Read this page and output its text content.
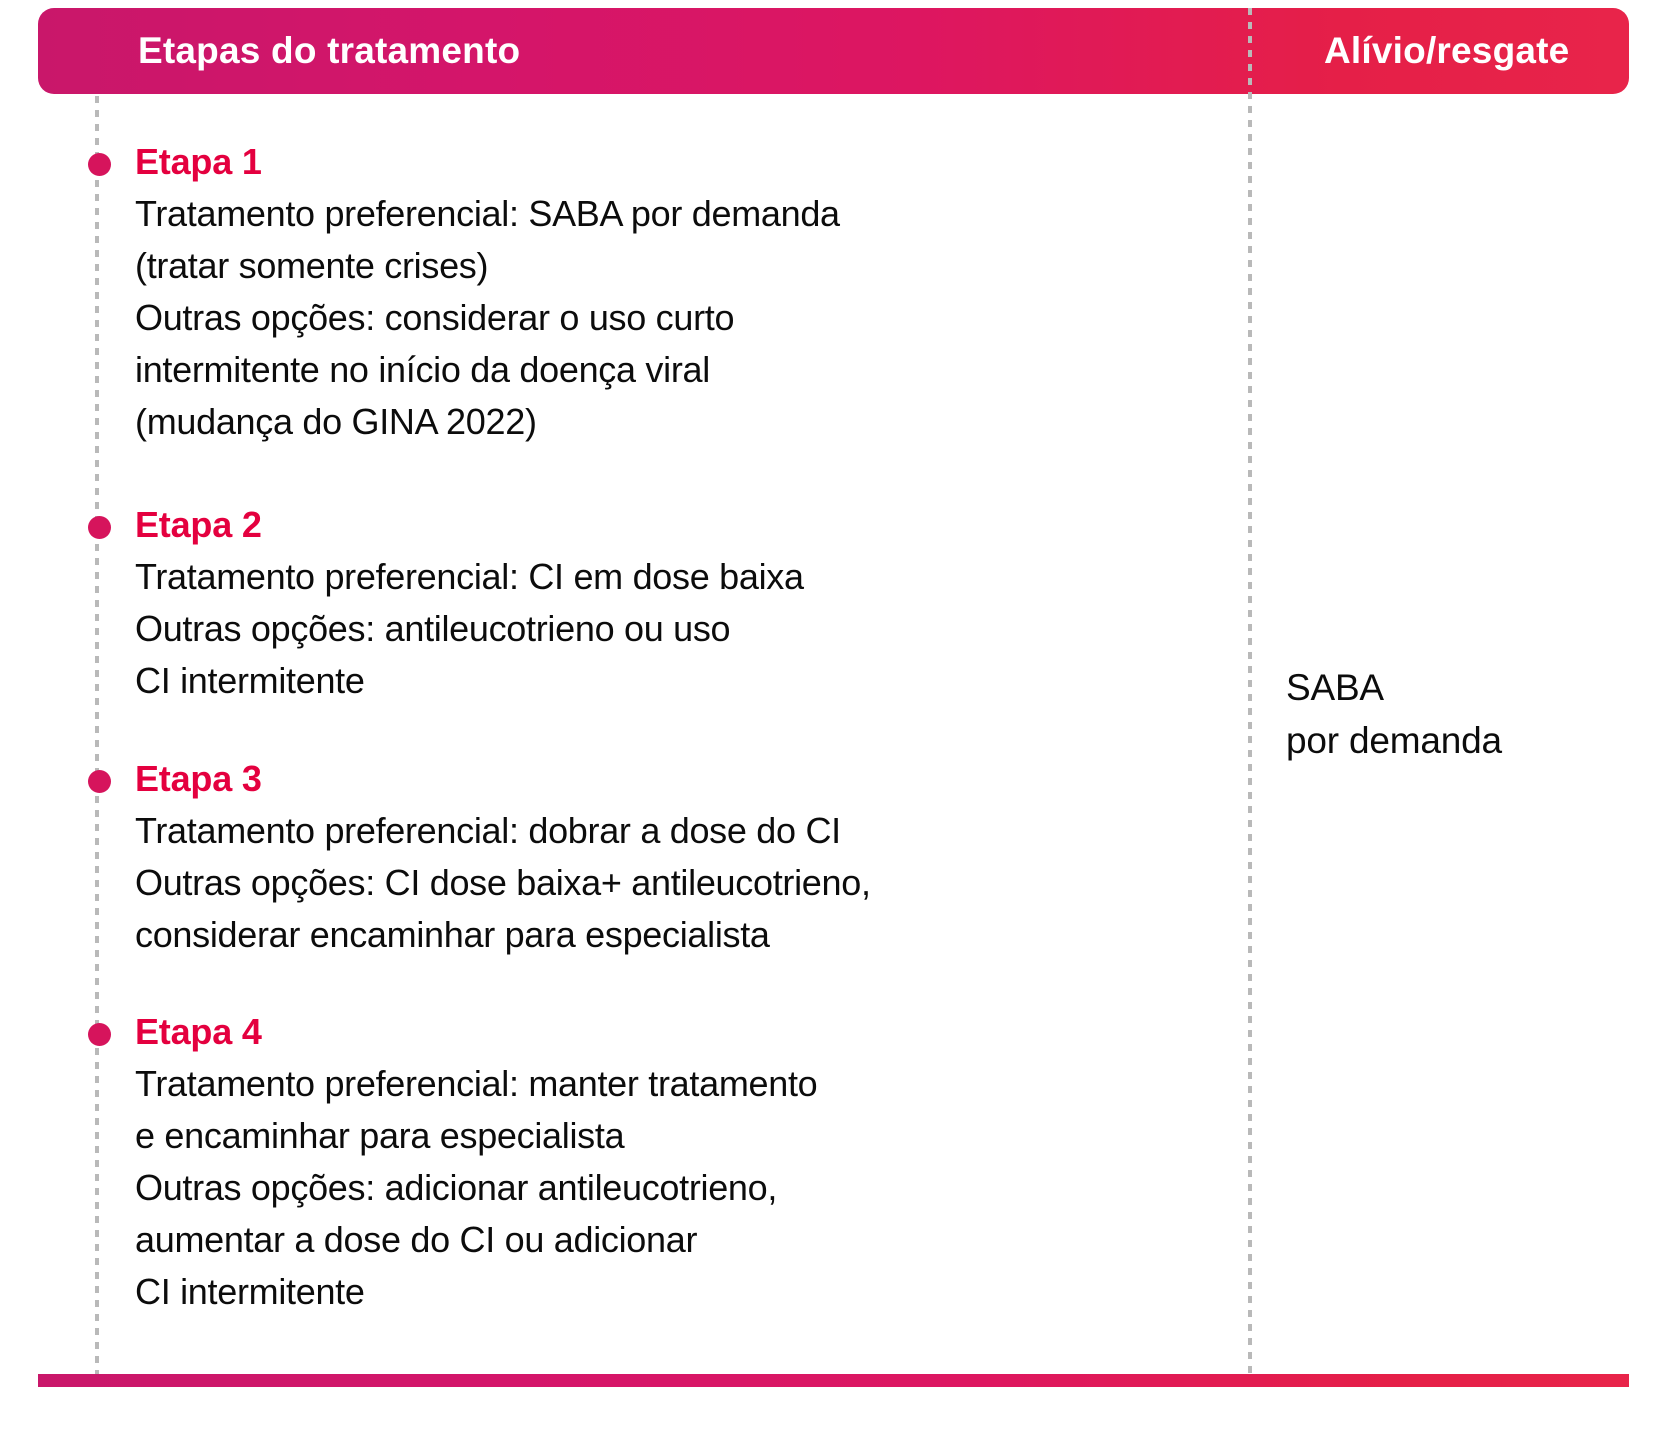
Etapas do tratamento	Alívio/resgate
Etapa 1
Tratamento preferencial: SABA por demanda
(tratar somente crises)
Outras opções: considerar o uso curto
intermitente no início da doença viral
(mudança do GINA 2022)
Etapa 2
Tratamento preferencial: CI em dose baixa
Outras opções: antileucotrieno ou uso
CI intermitente
Etapa 3
Tratamento preferencial: dobrar a dose do CI
Outras opções: CI dose baixa+ antileucotrieno,
considerar encaminhar para especialista
Etapa 4
Tratamento preferencial: manter tratamento
e encaminhar para especialista
Outras opções: adicionar antileucotrieno,
aumentar a dose do CI ou adicionar
CI intermitente
SABA
por demanda
